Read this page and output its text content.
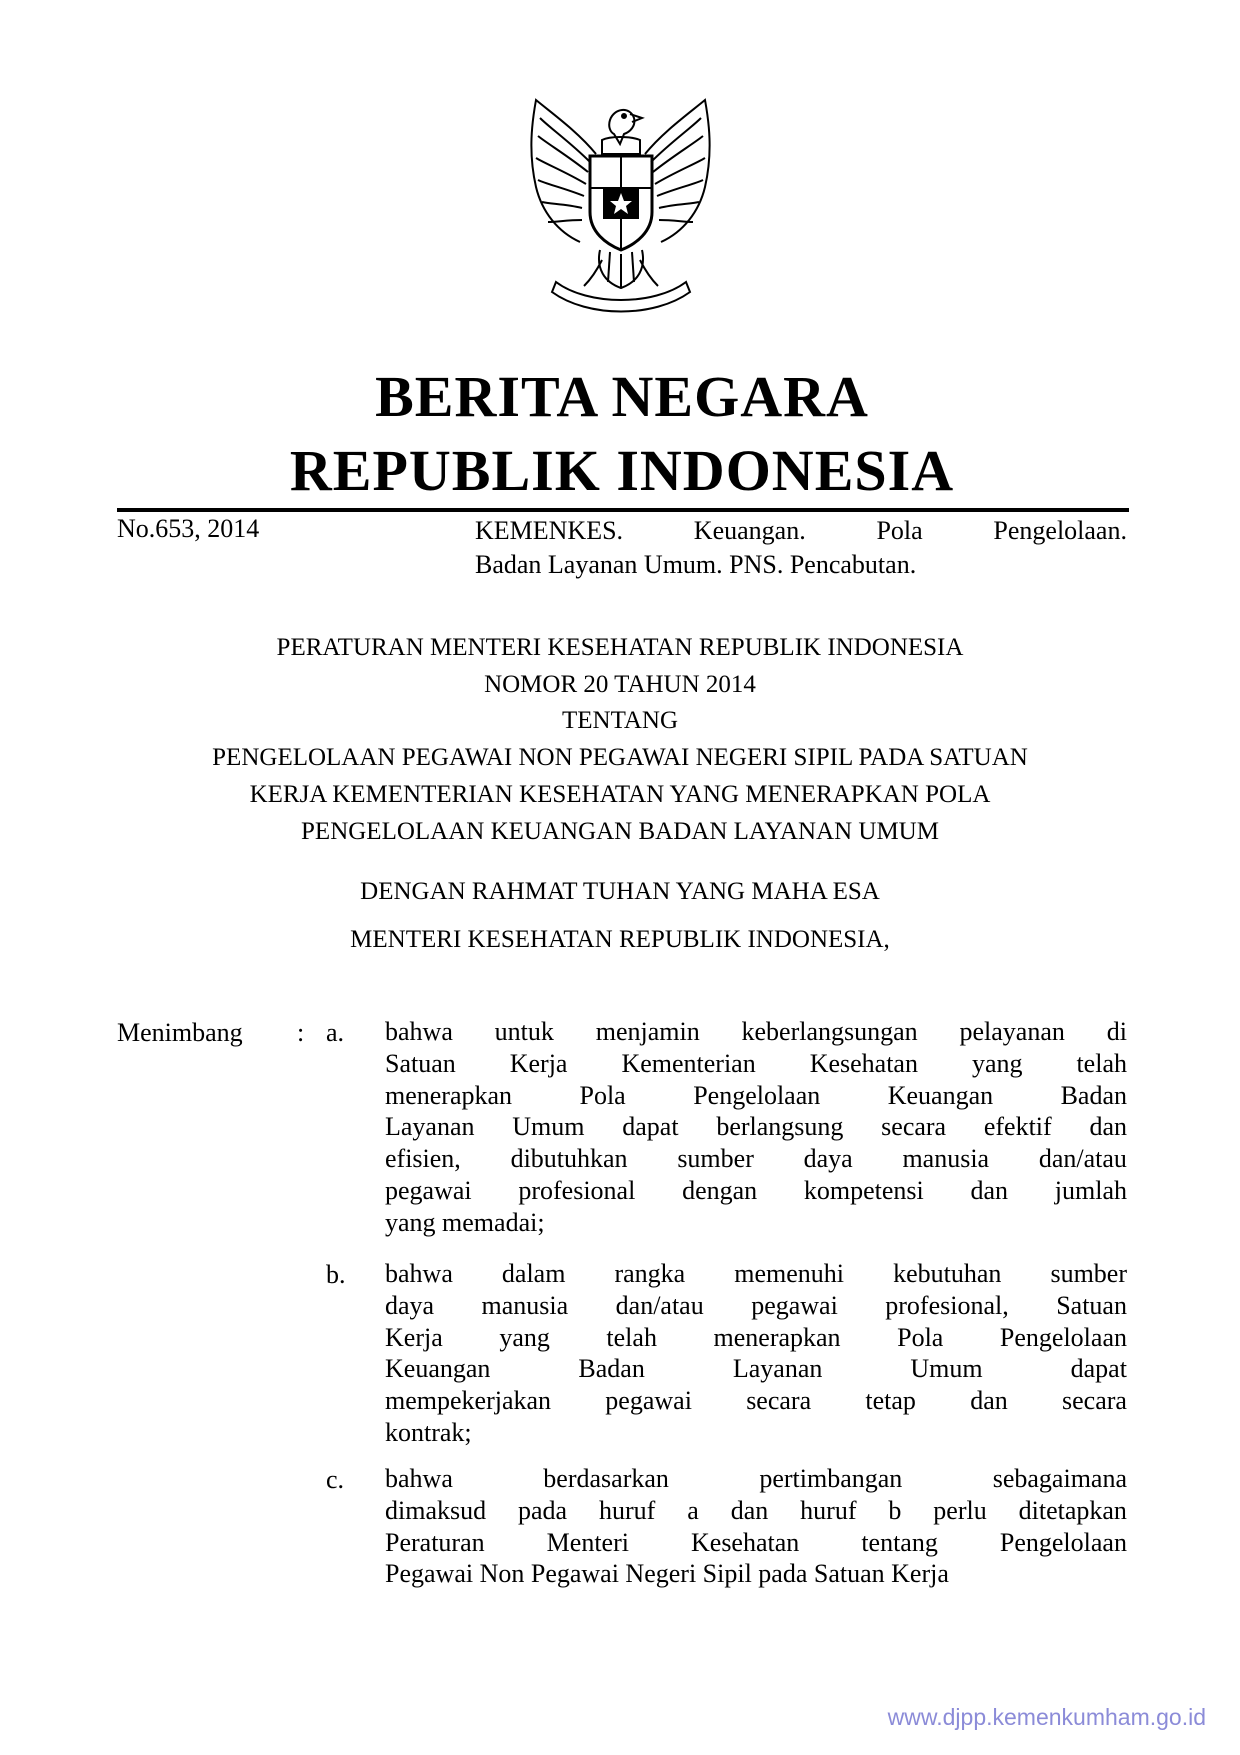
BERITA NEGARA
REPUBLIK INDONESIA
No.653, 2014	KEMENKES.	Keuangan.	Pola	Pengelolaan.
Badan Layanan Umum. PNS. Pencabutan.
PERATURAN MENTERI KESEHATAN REPUBLIK INDONESIA
NOMOR 20 TAHUN 2014
TENTANG
PENGELOLAAN PEGAWAI NON PEGAWAI NEGERI SIPIL PADA SATUAN
KERJA KEMENTERIAN KESEHATAN YANG MENERAPKAN POLA
PENGELOLAAN KEUANGAN BADAN LAYANAN UMUM
DENGAN RAHMAT TUHAN YANG MAHA ESA
MENTERI KESEHATAN REPUBLIK INDONESIA,
Menimbang : a. bahwa untuk menjamin keberlangsungan pelayanan di
Satuan Kerja Kementerian Kesehatan yang telah
menerapkan	Pola	Pengelolaan	Keuangan	Badan
Layanan Umum dapat berlangsung secara efektif dan
efisien, dibutuhkan sumber daya manusia dan/atau
pegawai profesional dengan kompetensi dan jumlah
yang memadai;
b. bahwa dalam rangka memenuhi kebutuhan sumber
daya manusia dan/atau pegawai profesional, Satuan
Kerja yang telah menerapkan Pola Pengelolaan
Keuangan	Badan	Layanan	Umum	dapat
mempekerjakan pegawai secara tetap dan secara
kontrak;
c. bahwa	berdasarkan	pertimbangan	sebagaimana
dimaksud pada huruf a dan huruf b perlu ditetapkan
Peraturan Menteri Kesehatan tentang Pengelolaan
Pegawai Non Pegawai Negeri Sipil pada Satuan Kerja
www.djpp.kemenkumham.go.id
